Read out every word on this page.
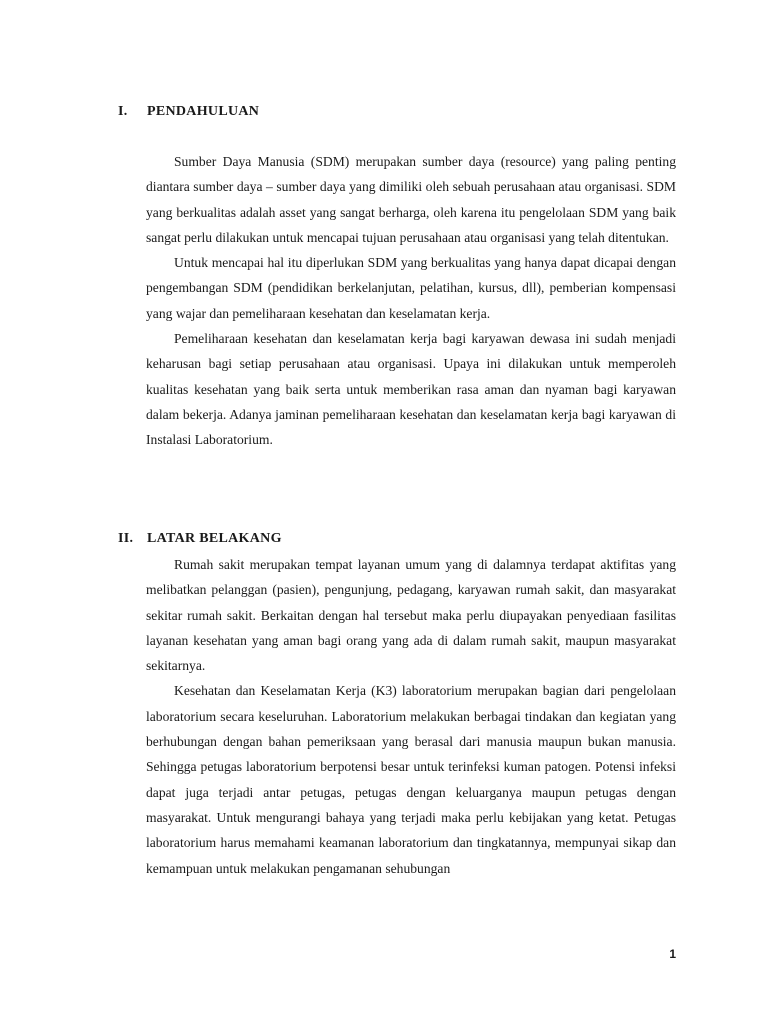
I. PENDAHULUAN

Sumber Daya Manusia (SDM) merupakan sumber daya (resource) yang paling penting diantara sumber daya – sumber daya yang dimiliki oleh sebuah perusahaan atau organisasi. SDM yang berkualitas adalah asset yang sangat berharga, oleh karena itu pengelolaan SDM yang baik sangat perlu dilakukan untuk mencapai tujuan perusahaan atau organisasi yang telah ditentukan.

Untuk mencapai hal itu diperlukan SDM yang berkualitas yang hanya dapat dicapai dengan pengembangan SDM (pendidikan berkelanjutan, pelatihan, kursus, dll), pemberian kompensasi yang wajar dan pemeliharaan kesehatan dan keselamatan kerja.

Pemeliharaan kesehatan dan keselamatan kerja bagi karyawan dewasa ini sudah menjadi keharusan bagi setiap perusahaan atau organisasi. Upaya ini dilakukan untuk memperoleh kualitas kesehatan yang baik serta untuk memberikan rasa aman dan nyaman bagi karyawan dalam bekerja. Adanya jaminan pemeliharaan kesehatan dan keselamatan kerja bagi karyawan di Instalasi Laboratorium.

II. LATAR BELAKANG

Rumah sakit merupakan tempat layanan umum yang di dalamnya terdapat aktifitas yang melibatkan pelanggan (pasien), pengunjung, pedagang, karyawan rumah sakit, dan masyarakat sekitar rumah sakit. Berkaitan dengan hal tersebut maka perlu diupayakan penyediaan fasilitas layanan kesehatan yang aman bagi orang yang ada di dalam rumah sakit, maupun masyarakat sekitarnya.

Kesehatan dan Keselamatan Kerja (K3) laboratorium merupakan bagian dari pengelolaan laboratorium secara keseluruhan. Laboratorium melakukan berbagai tindakan dan kegiatan yang berhubungan dengan bahan pemeriksaan yang berasal dari manusia maupun bukan manusia. Sehingga petugas laboratorium berpotensi besar untuk terinfeksi kuman patogen. Potensi infeksi dapat juga terjadi antar petugas, petugas dengan keluarganya maupun petugas dengan masyarakat. Untuk mengurangi bahaya yang terjadi maka perlu kebijakan yang ketat. Petugas laboratorium harus memahami keamanan laboratorium dan tingkatannya, mempunyai sikap dan kemampuan untuk melakukan pengamanan sehubungan

1
